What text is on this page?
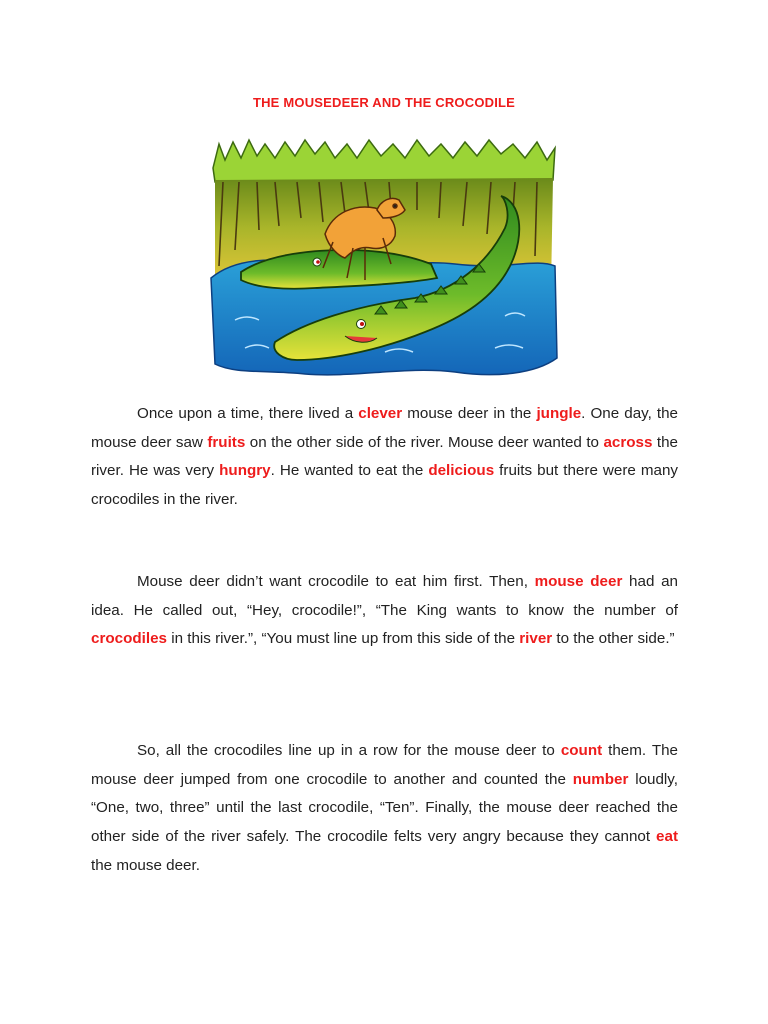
THE MOUSEDEER AND THE CROCODILE

Once upon a time, there lived a clever mouse deer in the jungle. One day, the mouse deer saw fruits on the other side of the river. Mouse deer wanted to across the river. He was very hungry. He wanted to eat the delicious fruits but there were many crocodiles in the river.

Mouse deer didn’t want crocodile to eat him first. Then, mouse deer had an idea. He called out, “Hey, crocodile!”, “The King wants to know the number of crocodiles in this river.”, “You must line up from this side of the river to the other side.”

So, all the crocodiles line up in a row for the mouse deer to count them. The mouse deer jumped from one crocodile to another and counted the number loudly, “One, two, three” until the last crocodile, “Ten”. Finally, the mouse deer reached the other side of the river safely. The crocodile felts very angry because they cannot eat the mouse deer.
